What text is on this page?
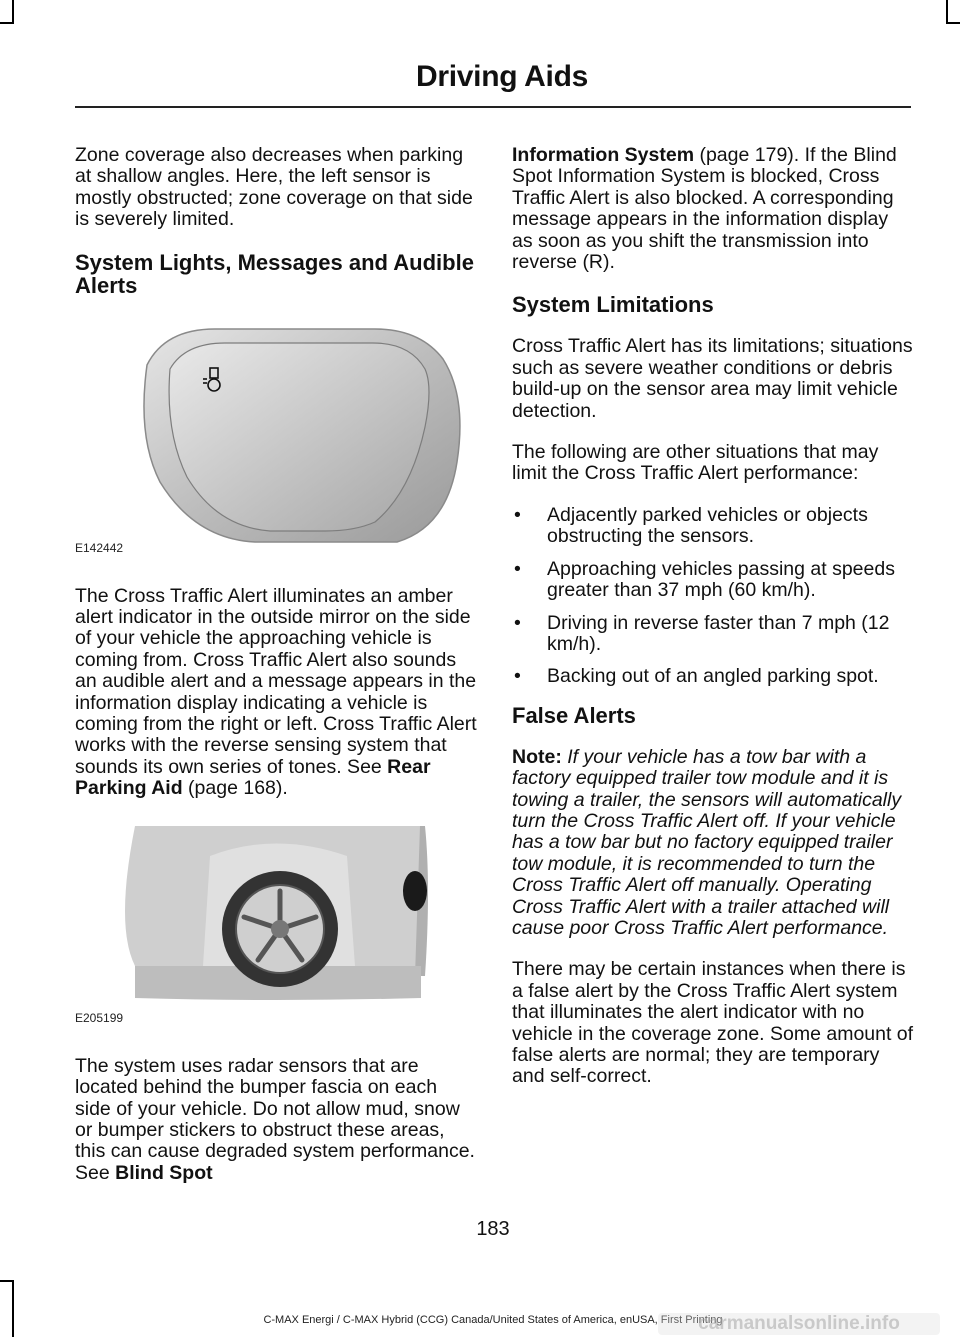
Driving Aids

Zone coverage also decreases when parking at shallow angles. Here, the left sensor is mostly obstructed; zone coverage on that side is severely limited.

System Lights, Messages and Audible Alerts
E142442

The Cross Traffic Alert illuminates an amber alert indicator in the outside mirror on the side of your vehicle the approaching vehicle is coming from. Cross Traffic Alert also sounds an audible alert and a message appears in the information display indicating a vehicle is coming from the right or left. Cross Traffic Alert works with the reverse sensing system that sounds its own series of tones. See Rear Parking Aid (page 168).

E205199

The system uses radar sensors that are located behind the bumper fascia on each side of your vehicle. Do not allow mud, snow or bumper stickers to obstruct these areas, this can cause degraded system performance. See Blind Spot

Information System (page 179). If the Blind Spot Information System is blocked, Cross Traffic Alert is also blocked. A corresponding message appears in the information display as soon as you shift the transmission into reverse (R).

System Limitations

Cross Traffic Alert has its limitations; situations such as severe weather conditions or debris build-up on the sensor area may limit vehicle detection.

The following are other situations that may limit the Cross Traffic Alert performance:

• Adjacently parked vehicles or objects obstructing the sensors.
• Approaching vehicles passing at speeds greater than 37 mph (60 km/h).
• Driving in reverse faster than 7 mph (12 km/h).
• Backing out of an angled parking spot.
False Alerts

Note: If your vehicle has a tow bar with a factory equipped trailer tow module and it is towing a trailer, the sensors will automatically turn the Cross Traffic Alert off. If your vehicle has a tow bar but no factory equipped trailer tow module, it is recommended to turn the Cross Traffic Alert off manually. Operating Cross Traffic Alert with a trailer attached will cause poor Cross Traffic Alert performance.

There may be certain instances when there is a false alert by the Cross Traffic Alert system that illuminates the alert indicator with no vehicle in the coverage zone. Some amount of false alerts are normal; they are temporary and self-correct.

183
C-MAX Energi / C-MAX Hybrid (CCG) Canada/United States of America, enUSA, First Printing
carmanualsonline.info
